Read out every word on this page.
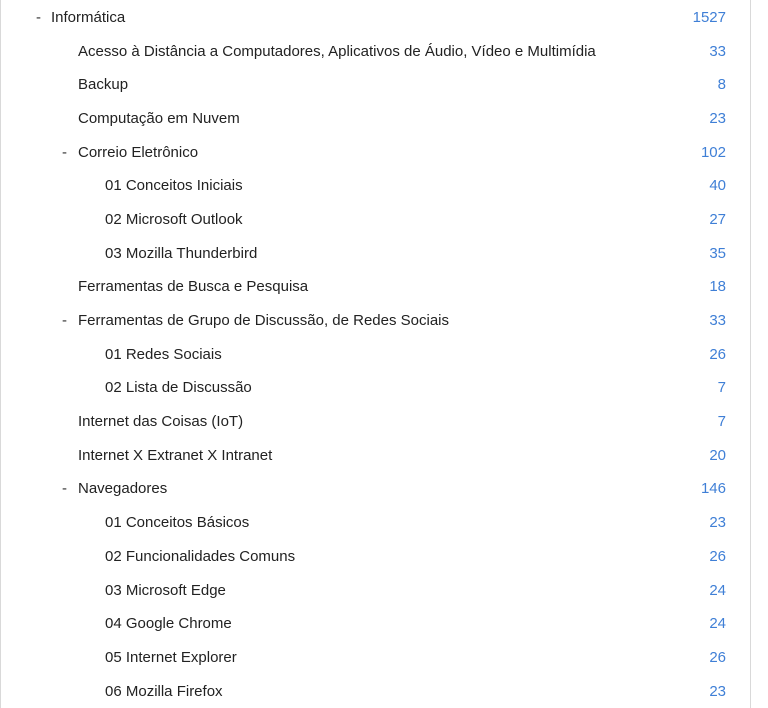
- Informática	1527
Acesso à Distância a Computadores, Aplicativos de Áudio, Vídeo e Multimídia	33
Backup	8
Computação em Nuvem	23
- Correio Eletrônico	102
01 Conceitos Iniciais	40
02 Microsoft Outlook	27
03 Mozilla Thunderbird	35
Ferramentas de Busca e Pesquisa	18
- Ferramentas de Grupo de Discussão, de Redes Sociais	33
01 Redes Sociais	26
02 Lista de Discussão	7
Internet das Coisas (IoT)	7
Internet X Extranet X Intranet	20
- Navegadores	146
01 Conceitos Básicos	23
02 Funcionalidades Comuns	26
03 Microsoft Edge	24
04 Google Chrome	24
05 Internet Explorer	26
06 Mozilla Firefox	23
